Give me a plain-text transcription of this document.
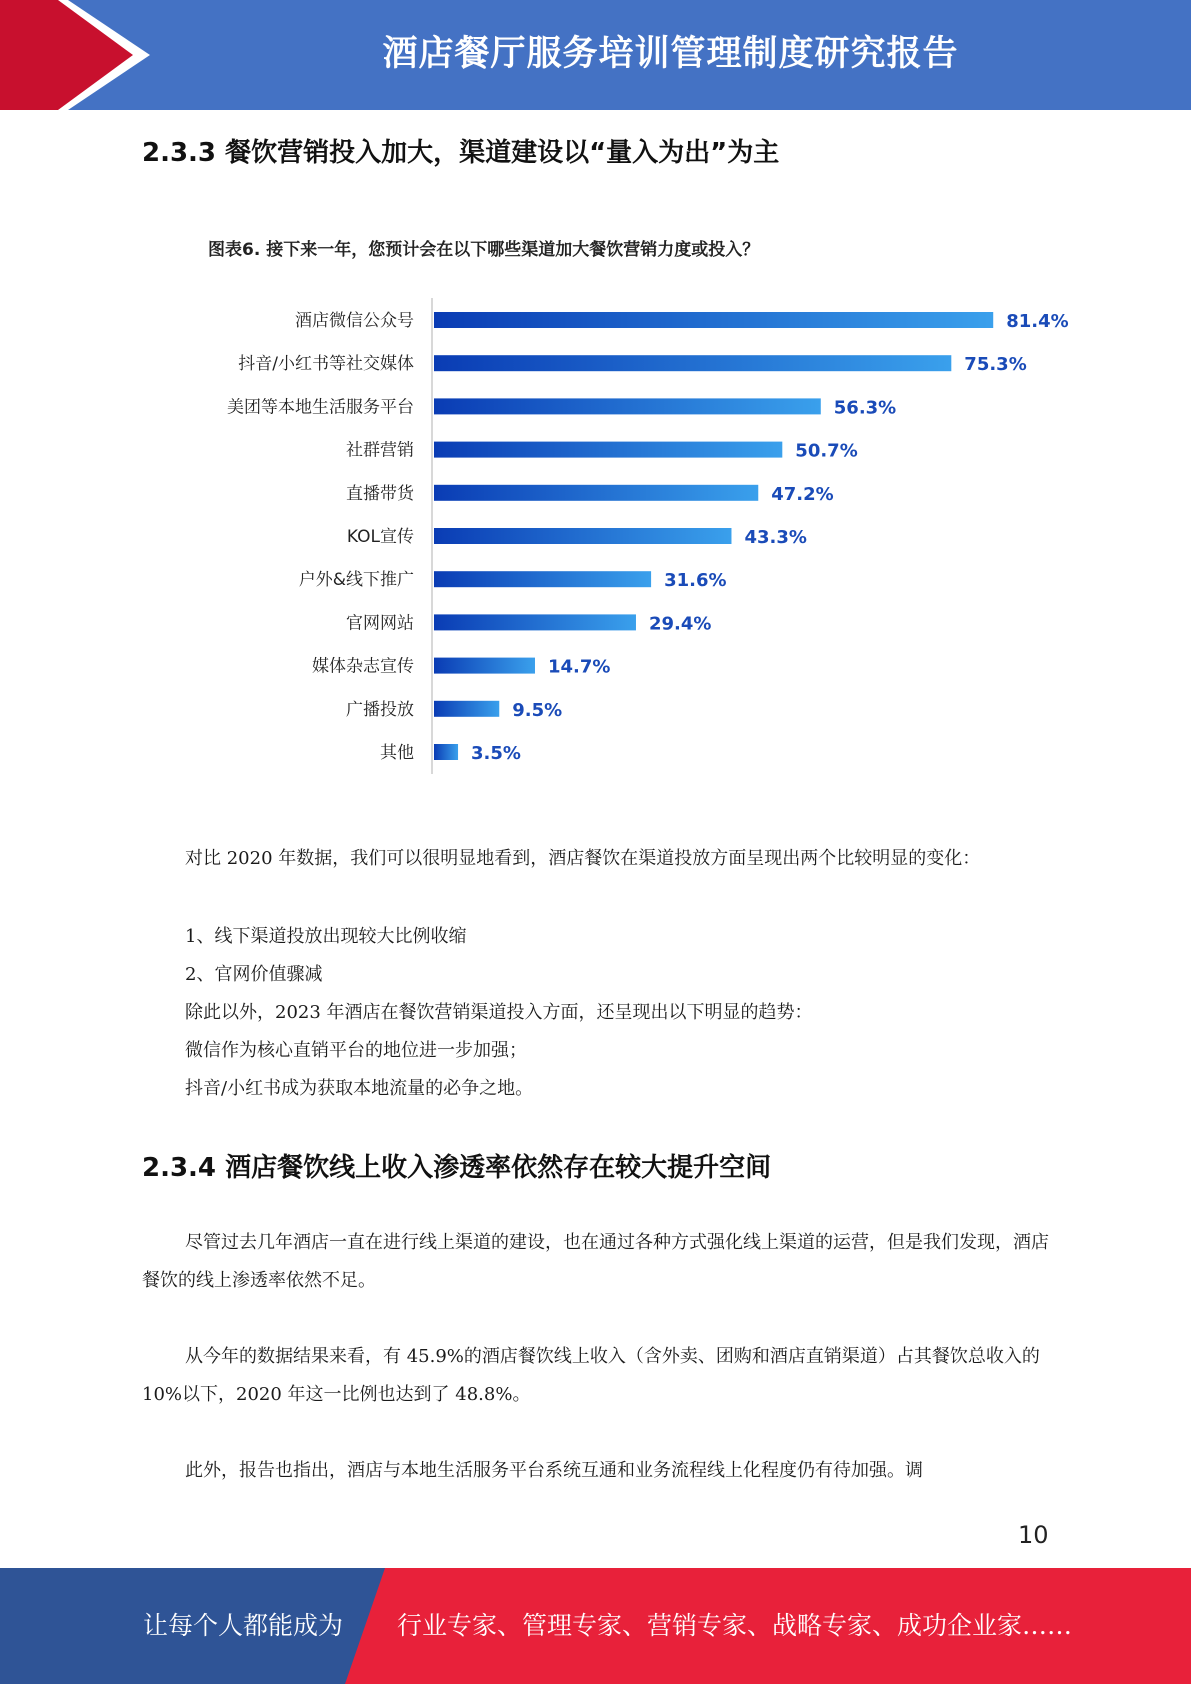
酒店餐厅服务培训管理制度研究报告
2.3.3 餐饮营销投入加大，渠道建设以“量入为出”为主
图表6. 接下来一年，您预计会在以下哪些渠道加大餐饮营销力度或投入？
酒店微信公众号	81.4%
抖音/小红书等社交媒体	75.3%
美团等本地生活服务平台	56.3%
社群营销	50.7%
直播带货	47.2%
KOL宣传	43.3%
户外&线下推广	31.6%
官网网站	29.4%
媒体杂志宣传	14.7%
广播投放	9.5%
其他	3.5%

对比 2020 年数据，我们可以很明显地看到，酒店餐饮在渠道投放方面呈现出两个比较明显的变化：

1、线下渠道投放出现较大比例收缩

2、官网价值骤减

除此以外，2023 年酒店在餐饮营销渠道投入方面，还呈现出以下明显的趋势：

微信作为核心直销平台的地位进一步加强；

抖音/小红书成为获取本地流量的必争之地。

2.3.4 酒店餐饮线上收入渗透率依然存在较大提升空间

尽管过去几年酒店一直在进行线上渠道的建设，也在通过各种方式强化线上渠道的运营，但是我们发现，酒店餐饮的线上渗透率依然不足。

从今年的数据结果来看，有 45.9%的酒店餐饮线上收入（含外卖、团购和酒店直销渠道）占其餐饮总收入的 10%以下，2020 年这一比例也达到了 48.8%。

此外，报告也指出，酒店与本地生活服务平台系统互通和业务流程线上化程度仍有待加强。调

10
让每个人都能成为 行业专家、管理专家、营销专家、战略专家、成功企业家……
